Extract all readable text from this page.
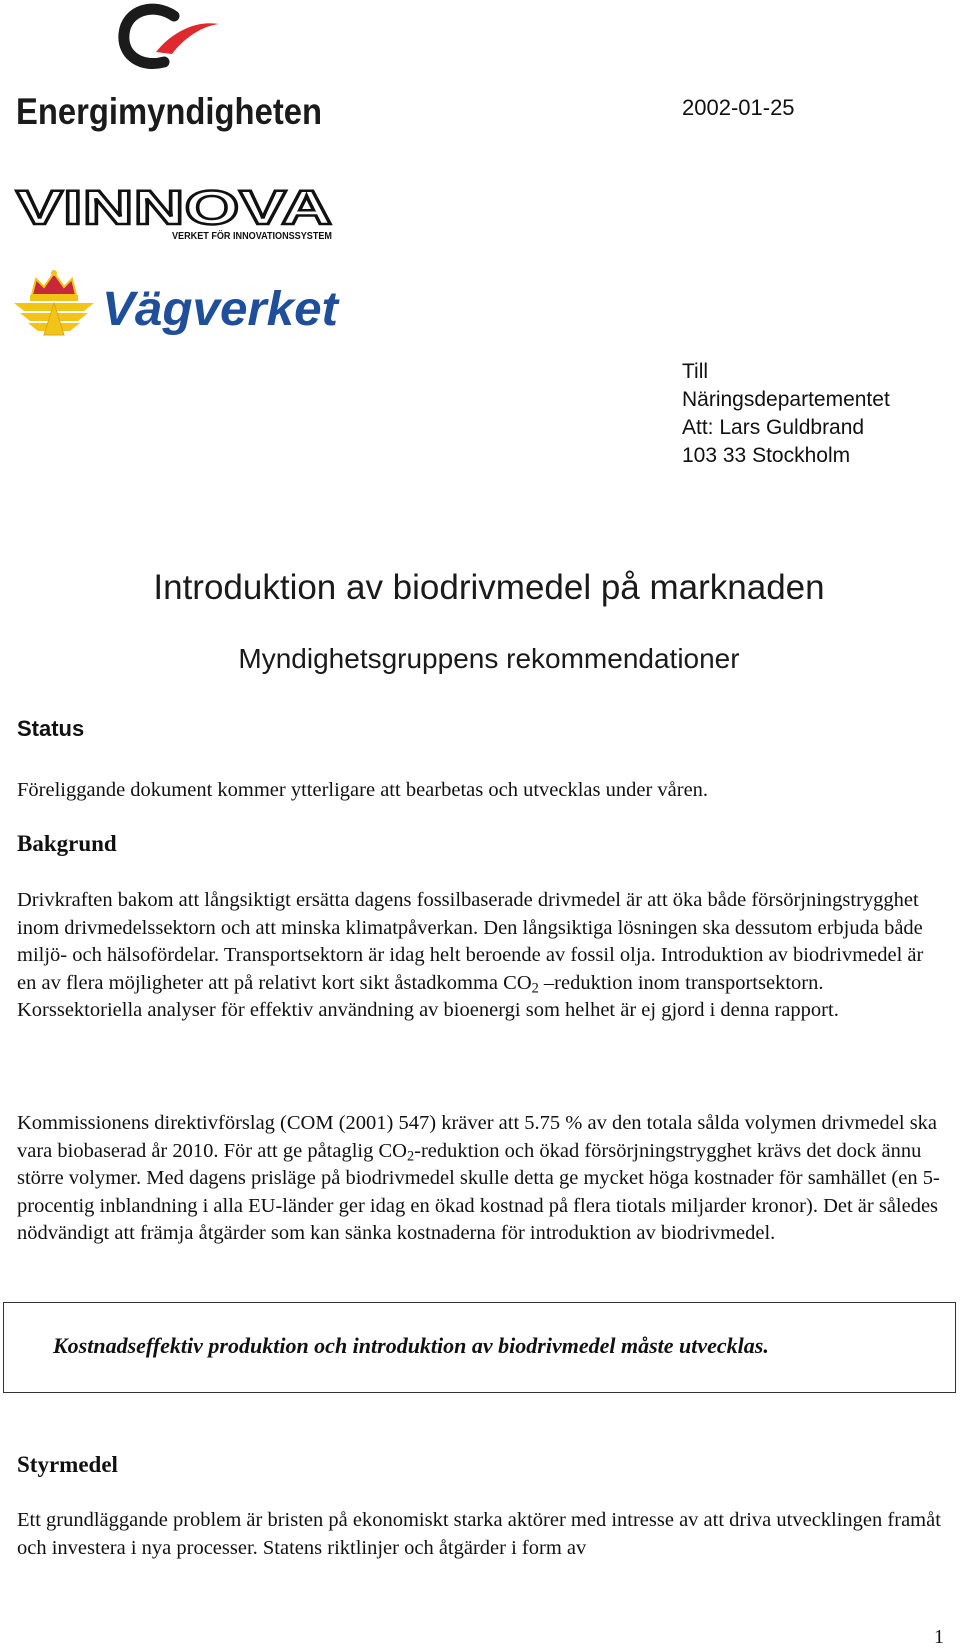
Energimyndigheten
VINNOVA
VERKET FÖR INNOVATIONSSYSTEM
Vägverket
2002-01-25
Till
Näringsdepartementet
Att: Lars Guldbrand
103 33 Stockholm
Introduktion av biodrivmedel på marknaden
Myndighetsgruppens rekommendationer
Status
Föreliggande dokument kommer ytterligare att bearbetas och utvecklas under våren.
Bakgrund

Drivkraften bakom att långsiktigt ersätta dagens fossilbaserade drivmedel är att öka både försörjningstrygghet inom drivmedelssektorn och att minska klimatpåverkan. Den långsiktiga lösningen ska dessutom erbjuda både miljö- och hälsofördelar. Transportsektorn är idag helt beroende av fossil olja. Introduktion av biodrivmedel är en av flera möjligheter att på relativt kort sikt åstadkomma $CO_2$ –reduktion inom transportsektorn. Korssektoriella analyser för effektiv användning av bioenergi som helhet är ej gjord i denna rapport.

Kommissionens direktivförslag (COM (2001) 547) kräver att 5.75 % av den totala sålda volymen drivmedel ska vara biobaserad år 2010. För att ge påtaglig $CO_2$-reduktion och ökad försörjningstrygghet krävs det dock ännu större volymer. Med dagens prisläge på biodrivmedel skulle detta ge mycket höga kostnader för samhället (en 5-procentig inblandning i alla EU-länder ger idag en ökad kostnad på flera tiotals miljarder kronor). Det är således nödvändigt att främja åtgärder som kan sänka kostnaderna för introduktion av biodrivmedel.

Kostnadseffektiv produktion och introduktion av biodrivmedel måste utvecklas.
Styrmedel
Ett grundläggande problem är bristen på ekonomiskt starka aktörer med intresse av att driva utvecklingen framåt och investera i nya processer. Statens riktlinjer och åtgärder i form av
1
